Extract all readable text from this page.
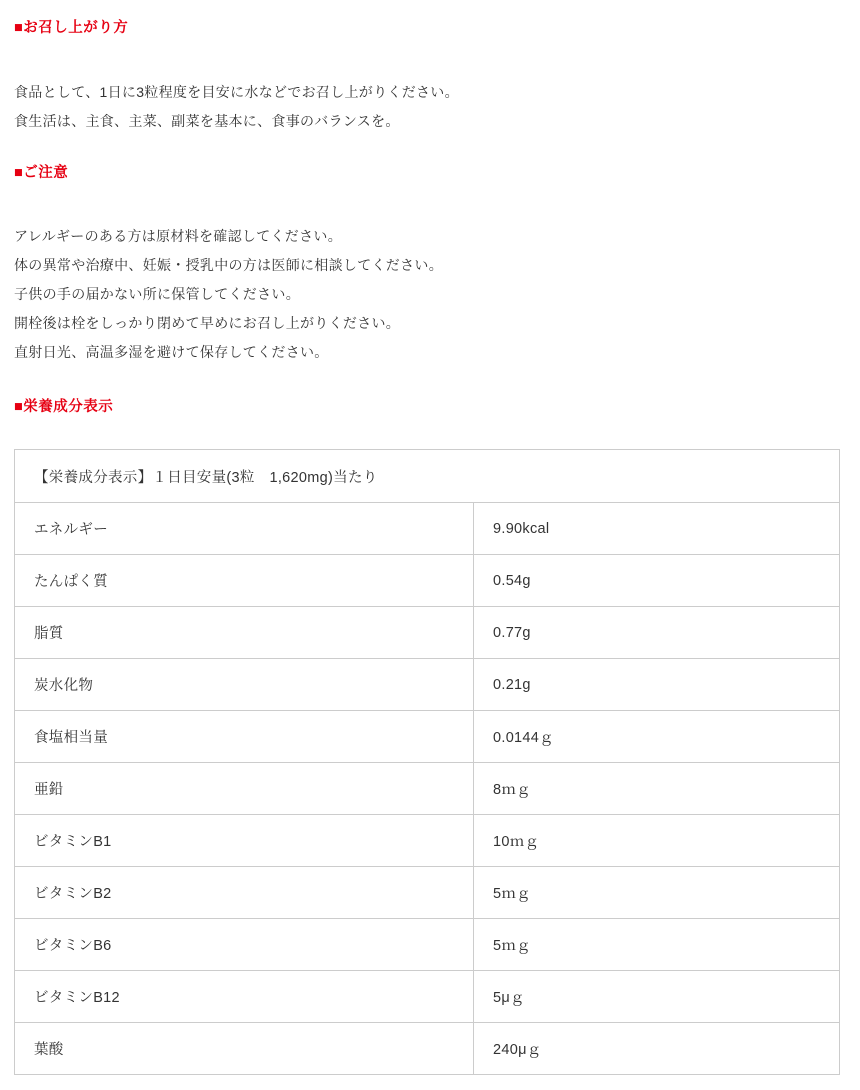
■お召し上がり方
食品として、1日に3粒程度を目安に水などでお召し上がりください。
食生活は、主食、主菜、副菜を基本に、食事のバランスを。
■ご注意
アレルギーのある方は原材料を確認してください。
体の異常や治療中、妊娠・授乳中の方は医師に相談してください。
子供の手の届かない所に保管してください。
開栓後は栓をしっかり閉めて早めにお召し上がりください。
直射日光、高温多湿を避けて保存してください。
■栄養成分表示
【栄養成分表示】１日目安量(3粒　1,620mg)当たり	
エネルギー	9.90kcal
たんぱく質	0.54g
脂質	0.77g
炭水化物	0.21g
食塩相当量	0.0144ｇ
亜鉛	8ｍｇ
ビタミンB1	10ｍｇ
ビタミンB2	5ｍｇ
ビタミンB6	5ｍｇ
ビタミンB12	5μｇ
葉酸	240μｇ
